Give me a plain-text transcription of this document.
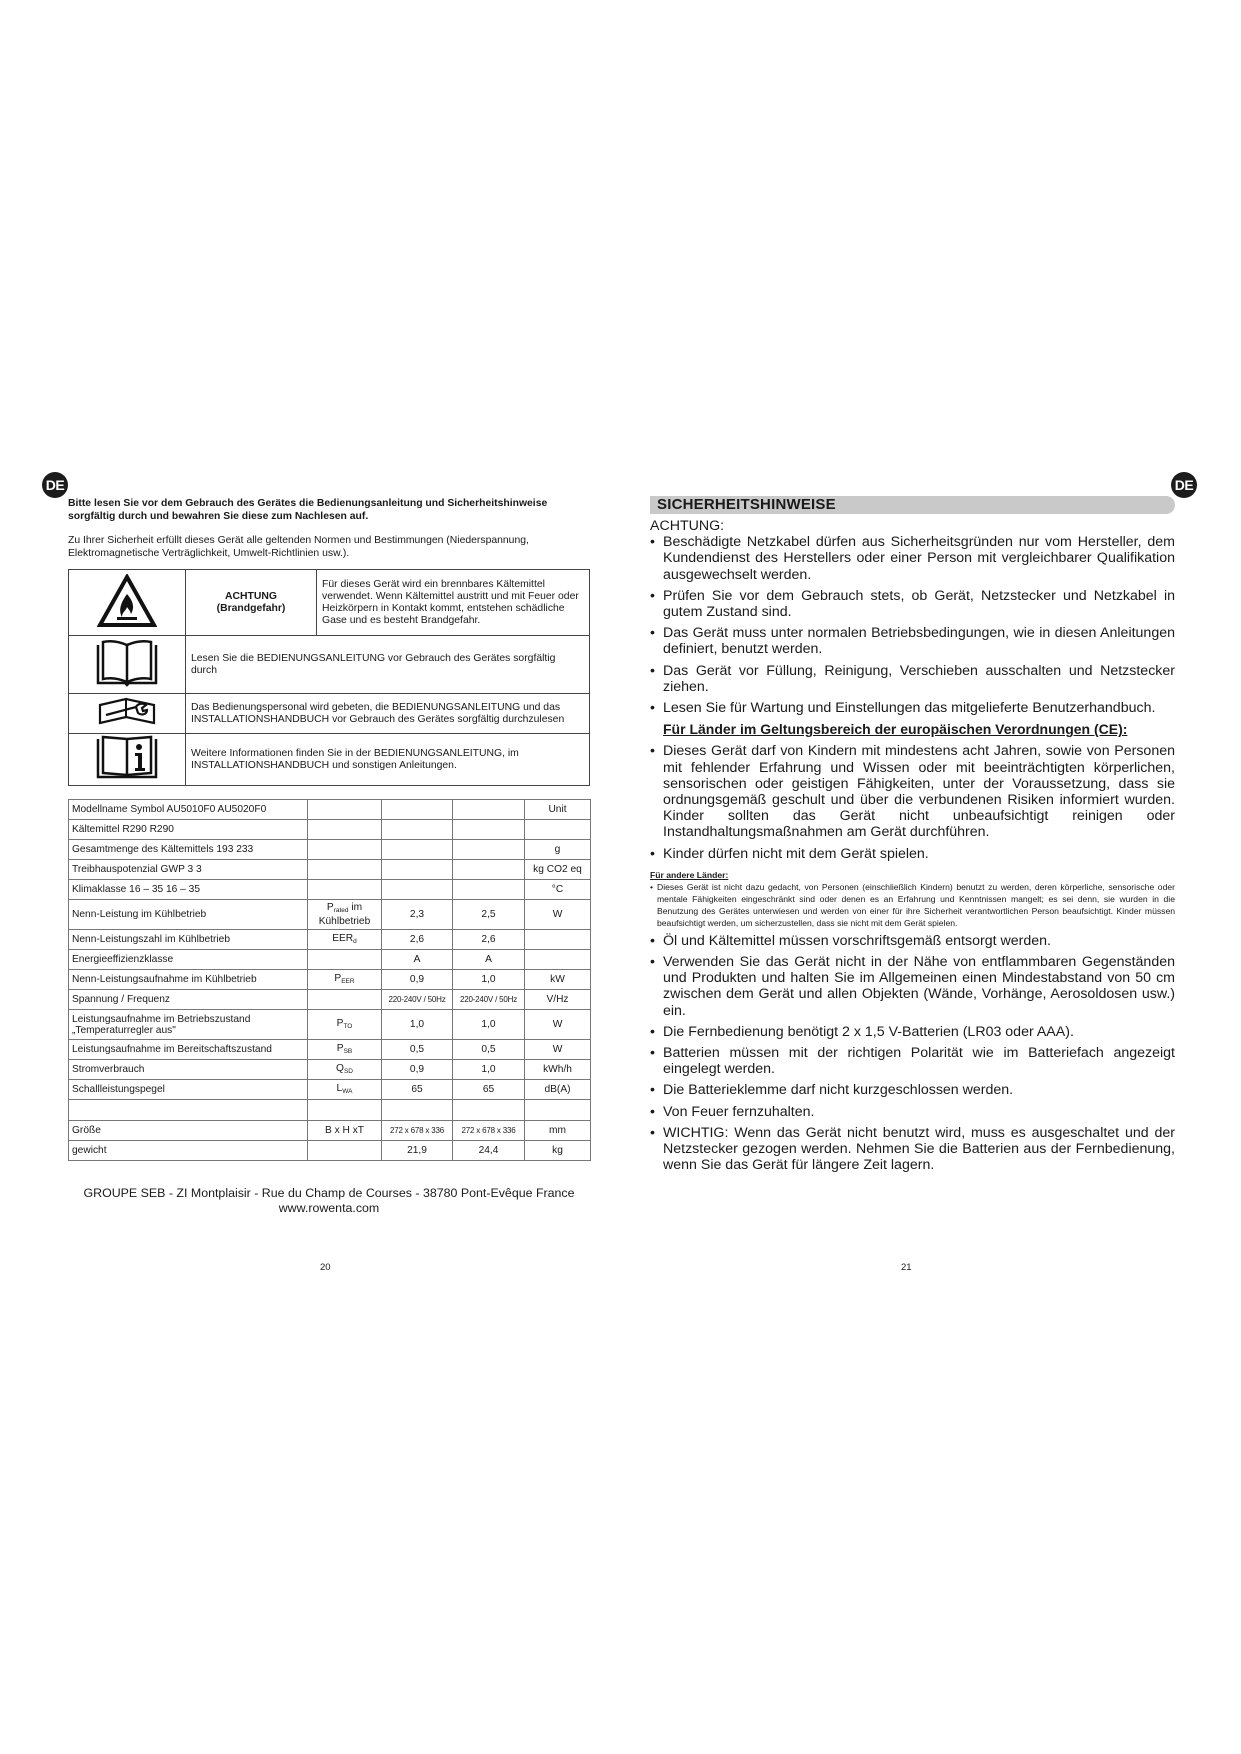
DE	DE

Bitte lesen Sie vor dem Gebrauch des Gerätes die Bedienungsanleitung und Sicherheitshinweise sorgfältig durch und bewahren Sie diese zum Nachlesen auf.

Zu Ihrer Sicherheit erfüllt dieses Gerät alle geltenden Normen und Bestimmungen (Niederspannung, Elektromagnetische Verträglichkeit, Umwelt-Richtlinien usw.).

	ACHTUNG (Brandgefahr)	Für dieses Gerät wird ein brennbares Kältemittel verwendet. Wenn Kältemittel austritt und mit Feuer oder Heizkörpern in Kontakt kommt, entstehen schädliche Gase und es besteht Brandgefahr.
	Lesen Sie die BEDIENUNGSANLEITUNG vor Gebrauch des Gerätes sorgfältig durch	
	Das Bedienungspersonal wird gebeten, die BEDIENUNGSANLEITUNG und das INSTALLATIONSHANDBUCH vor Gebrauch des Gerätes sorgfältig durchzulesen	
	Weitere Informationen finden Sie in der BEDIENUNGSANLEITUNG, im INSTALLATIONSHANDBUCH und sonstigen Anleitungen.	
Modellname Symbol AU5010F0 AU5020F0				Unit
Kältemittel R290 R290				
Gesamtmenge des Kältemittels 193 233				g
Treibhauspotenzial GWP 3 3				kg CO2 eq
Klimaklasse 16 – 35 16 – 35				°C
Nenn-Leistung im Kühlbetrieb	$P_{rated}$ im Kühlbetrieb	2,3	2,5	W
Nenn-Leistungszahl im Kühlbetrieb	$EER_d$	2,6	2,6	
Energieeffizienzklasse		A	A	
Nenn-Leistungsaufnahme im Kühlbetrieb	$P_{EER}$	0,9	1,0	kW
Spannung / Frequenz		220-240V / 50Hz	220-240V / 50Hz	V/Hz
Leistungsaufnahme im Betriebszustand „Temperaturregler aus"	$P_{TO}$	1,0	1,0	W
Leistungsaufnahme im Bereitschaftszustand	$P_{SB}$	0,5	0,5	W
Stromverbrauch	$Q_{SD}$	0,9	1,0	kWh/h
Schallleistungspegel	$L_{WA}$	65	65	dB(A)

Größe	B x H xT	272 x 678 x 336	272 x 678 x 336	mm
gewicht		21,9	24,4	kg
GROUPE SEB - ZI Montplaisir - Rue du Champ de Courses - 38780 Pont-Evêque France
www.rowenta.com
20
SICHERHEITSHINWEISE
ACHTUNG:
• Beschädigte Netzkabel dürfen aus Sicherheitsgründen nur vom Hersteller, dem Kundendienst des Herstellers oder einer Person mit vergleichbarer Qualifikation ausgewechselt werden.
• Prüfen Sie vor dem Gebrauch stets, ob Gerät, Netzstecker und Netzkabel in gutem Zustand sind.
• Das Gerät muss unter normalen Betriebsbedingungen, wie in diesen Anleitungen definiert, benutzt werden.
• Das Gerät vor Füllung, Reinigung, Verschieben ausschalten und Netzstecker ziehen.
• Lesen Sie für Wartung und Einstellungen das mitgelieferte Benutzerhandbuch.
Für Länder im Geltungsbereich der europäischen Verordnungen (CE):
• Dieses Gerät darf von Kindern mit mindestens acht Jahren, sowie von Personen mit fehlender Erfahrung und Wissen oder mit beeinträchtigten körperlichen, sensorischen oder geistigen Fähigkeiten, unter der Voraussetzung, dass sie ordnungsgemäß geschult und über die verbundenen Risiken informiert wurden. Kinder sollten das Gerät nicht unbeaufsichtigt reinigen oder Instandhaltungsmaßnahmen am Gerät durchführen.
• Kinder dürfen nicht mit dem Gerät spielen.
Für andere Länder:
• Dieses Gerät ist nicht dazu gedacht, von Personen (einschließlich Kindern) benutzt zu werden, deren körperliche, sensorische oder mentale Fähigkeiten eingeschränkt sind oder denen es an Erfahrung und Kenntnissen mangelt; es sei denn, sie wurden in die Benutzung des Gerätes unterwiesen und werden von einer für ihre Sicherheit verantwortlichen Person beaufsichtigt. Kinder müssen beaufsichtigt werden, um sicherzustellen, dass sie nicht mit dem Gerät spielen.
• Öl und Kältemittel müssen vorschriftsgemäß entsorgt werden.
• Verwenden Sie das Gerät nicht in der Nähe von entflammbaren Gegenständen und Produkten und halten Sie im Allgemeinen einen Mindestabstand von 50 cm zwischen dem Gerät und allen Objekten (Wände, Vorhänge, Aerosoldosen usw.) ein.
• Die Fernbedienung benötigt 2 x 1,5 V-Batterien (LR03 oder AAA).
• Batterien müssen mit der richtigen Polarität wie im Batteriefach angezeigt eingelegt werden.
• Die Batterieklemme darf nicht kurzgeschlossen werden.
• Von Feuer fernzuhalten.
• WICHTIG: Wenn das Gerät nicht benutzt wird, muss es ausgeschaltet und der Netzstecker gezogen werden. Nehmen Sie die Batterien aus der Fernbedienung, wenn Sie das Gerät für längere Zeit lagern.
21
